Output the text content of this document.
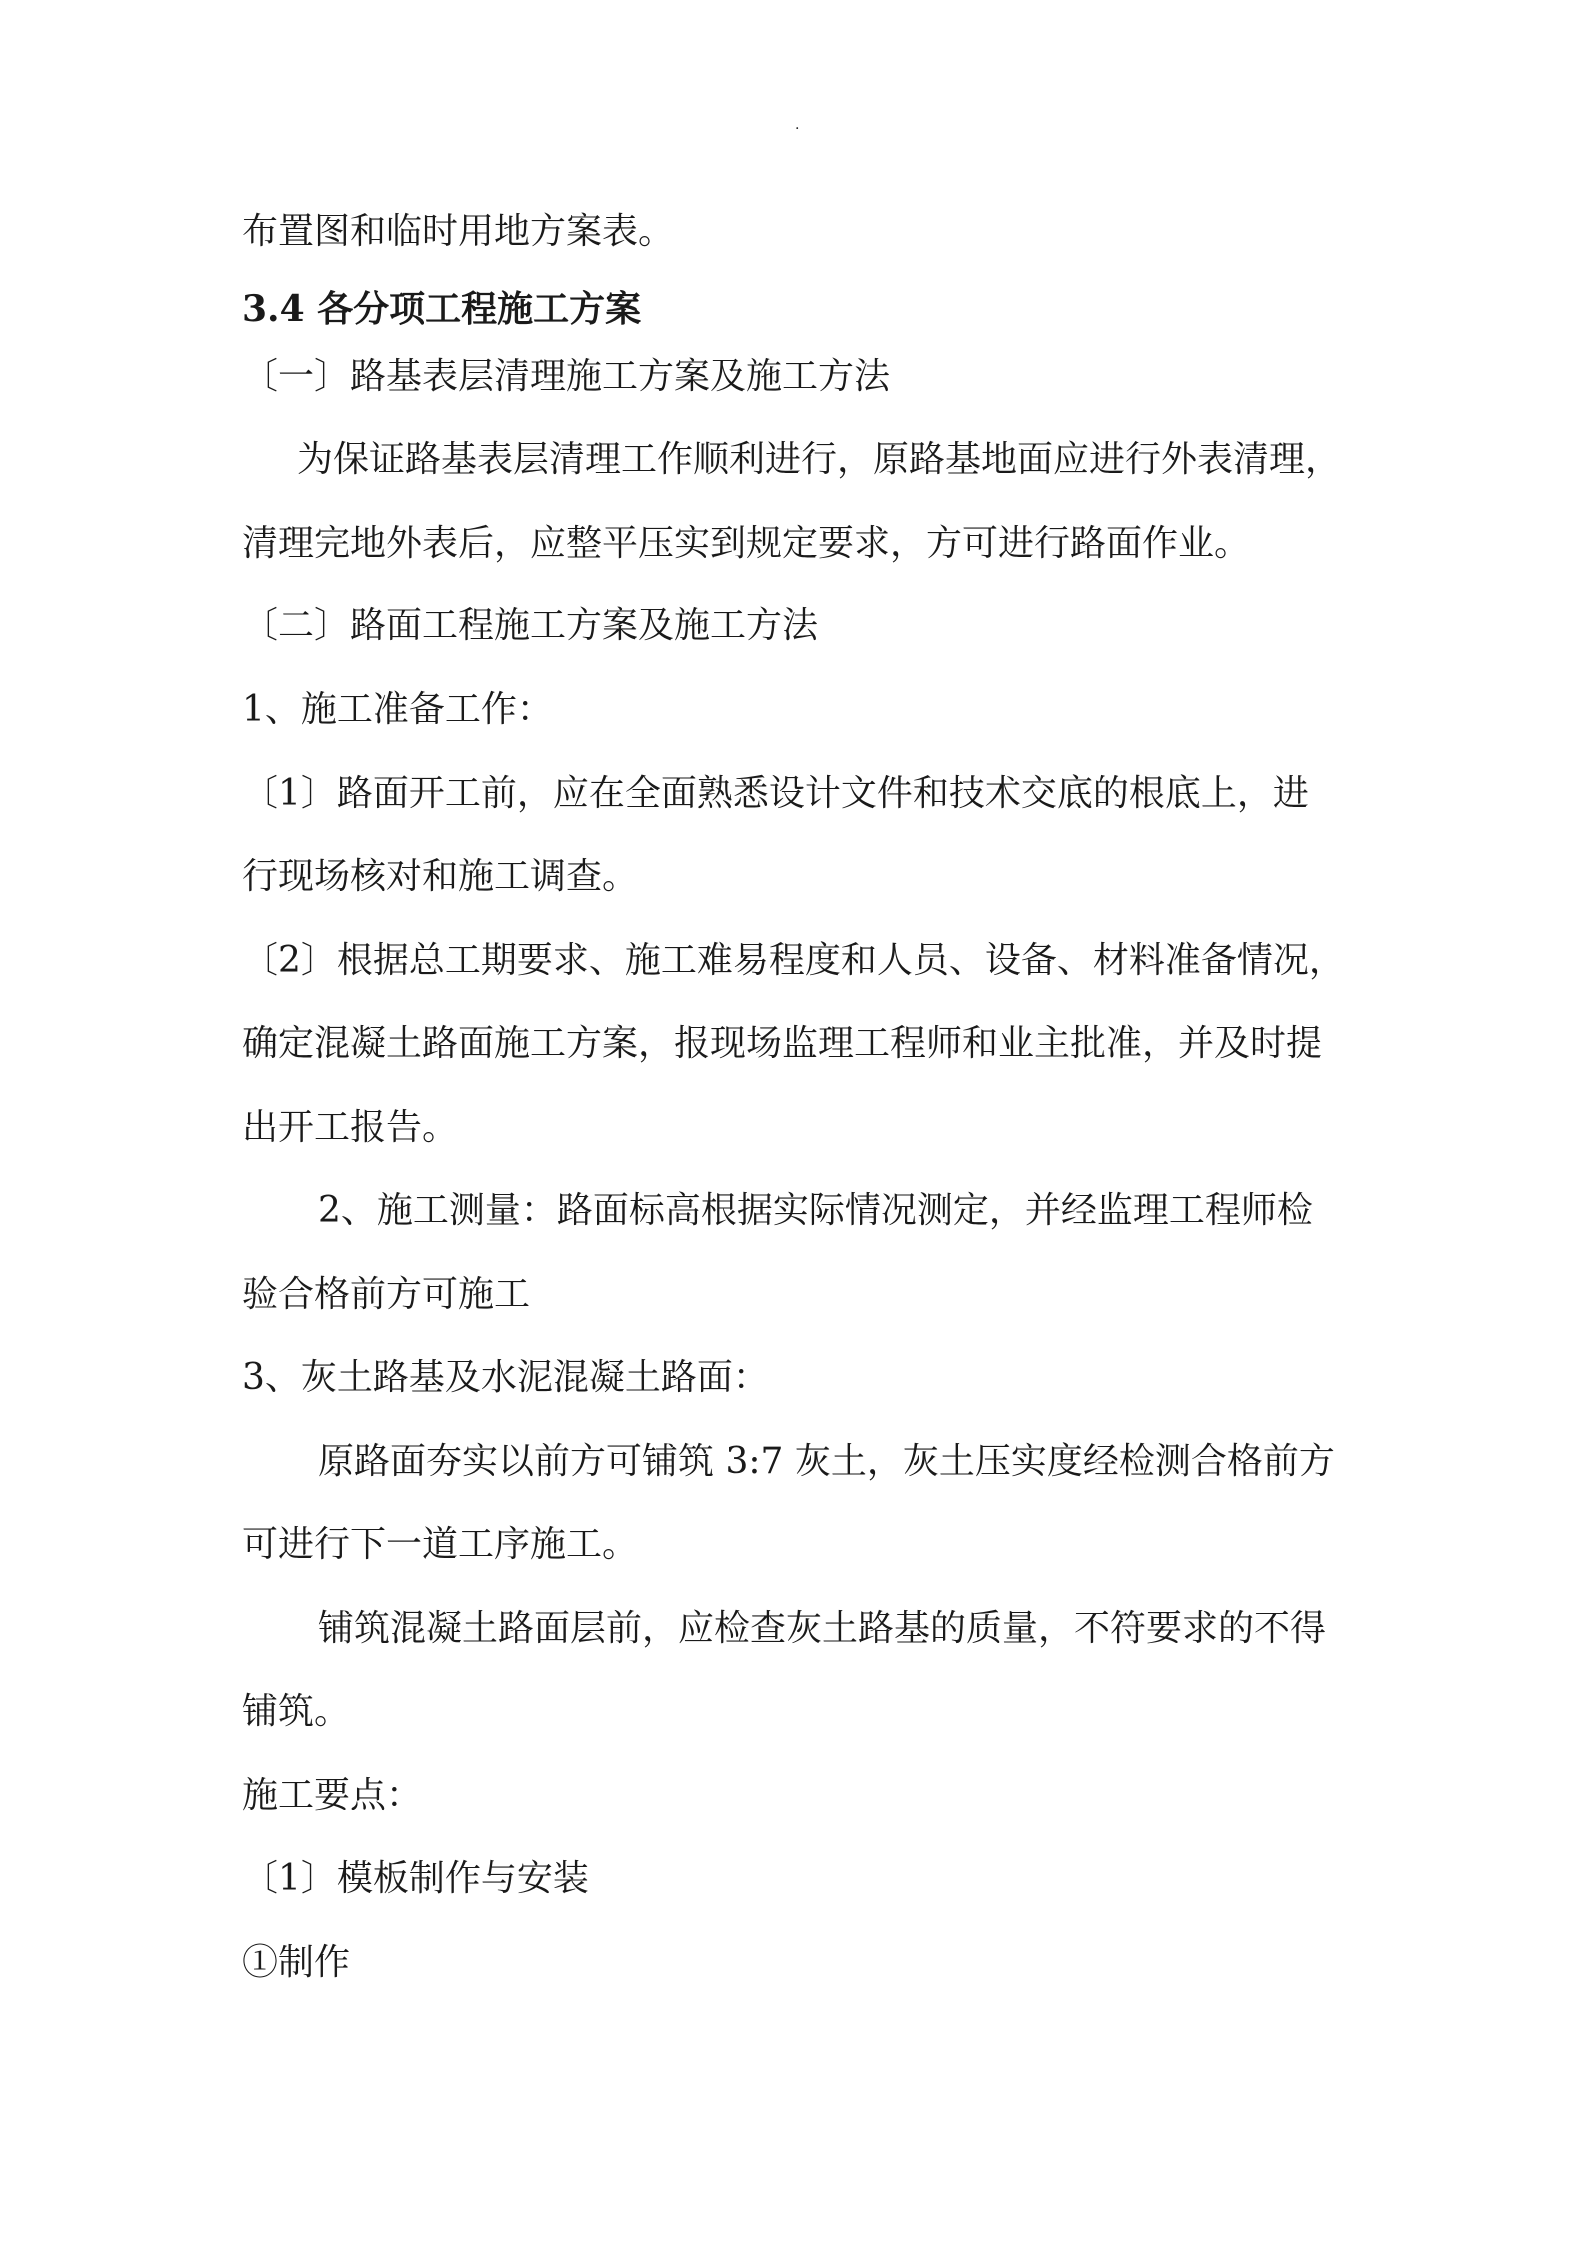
.
布置图和临时用地方案表。
3.4 各分项工程施工方案
〔一〕路基表层清理施工方案及施工方法
为保证路基表层清理工作顺利进行，原路基地面应进行外表清理，
清理完地外表后，应整平压实到规定要求，方可进行路面作业。
〔二〕路面工程施工方案及施工方法
1、施工准备工作：
〔1〕路面开工前，应在全面熟悉设计文件和技术交底的根底上，进
行现场核对和施工调查。
〔2〕根据总工期要求、施工难易程度和人员、设备、材料准备情况，
确定混凝土路面施工方案，报现场监理工程师和业主批准，并及时提
出开工报告。
2、施工测量：路面标高根据实际情况测定，并经监理工程师检
验合格前方可施工
3、灰土路基及水泥混凝土路面：
原路面夯实以前方可铺筑 3:7 灰土，灰土压实度经检测合格前方
可进行下一道工序施工。
铺筑混凝土路面层前，应检查灰土路基的质量，不符要求的不得
铺筑。
施工要点：
〔1〕模板制作与安装
①制作
